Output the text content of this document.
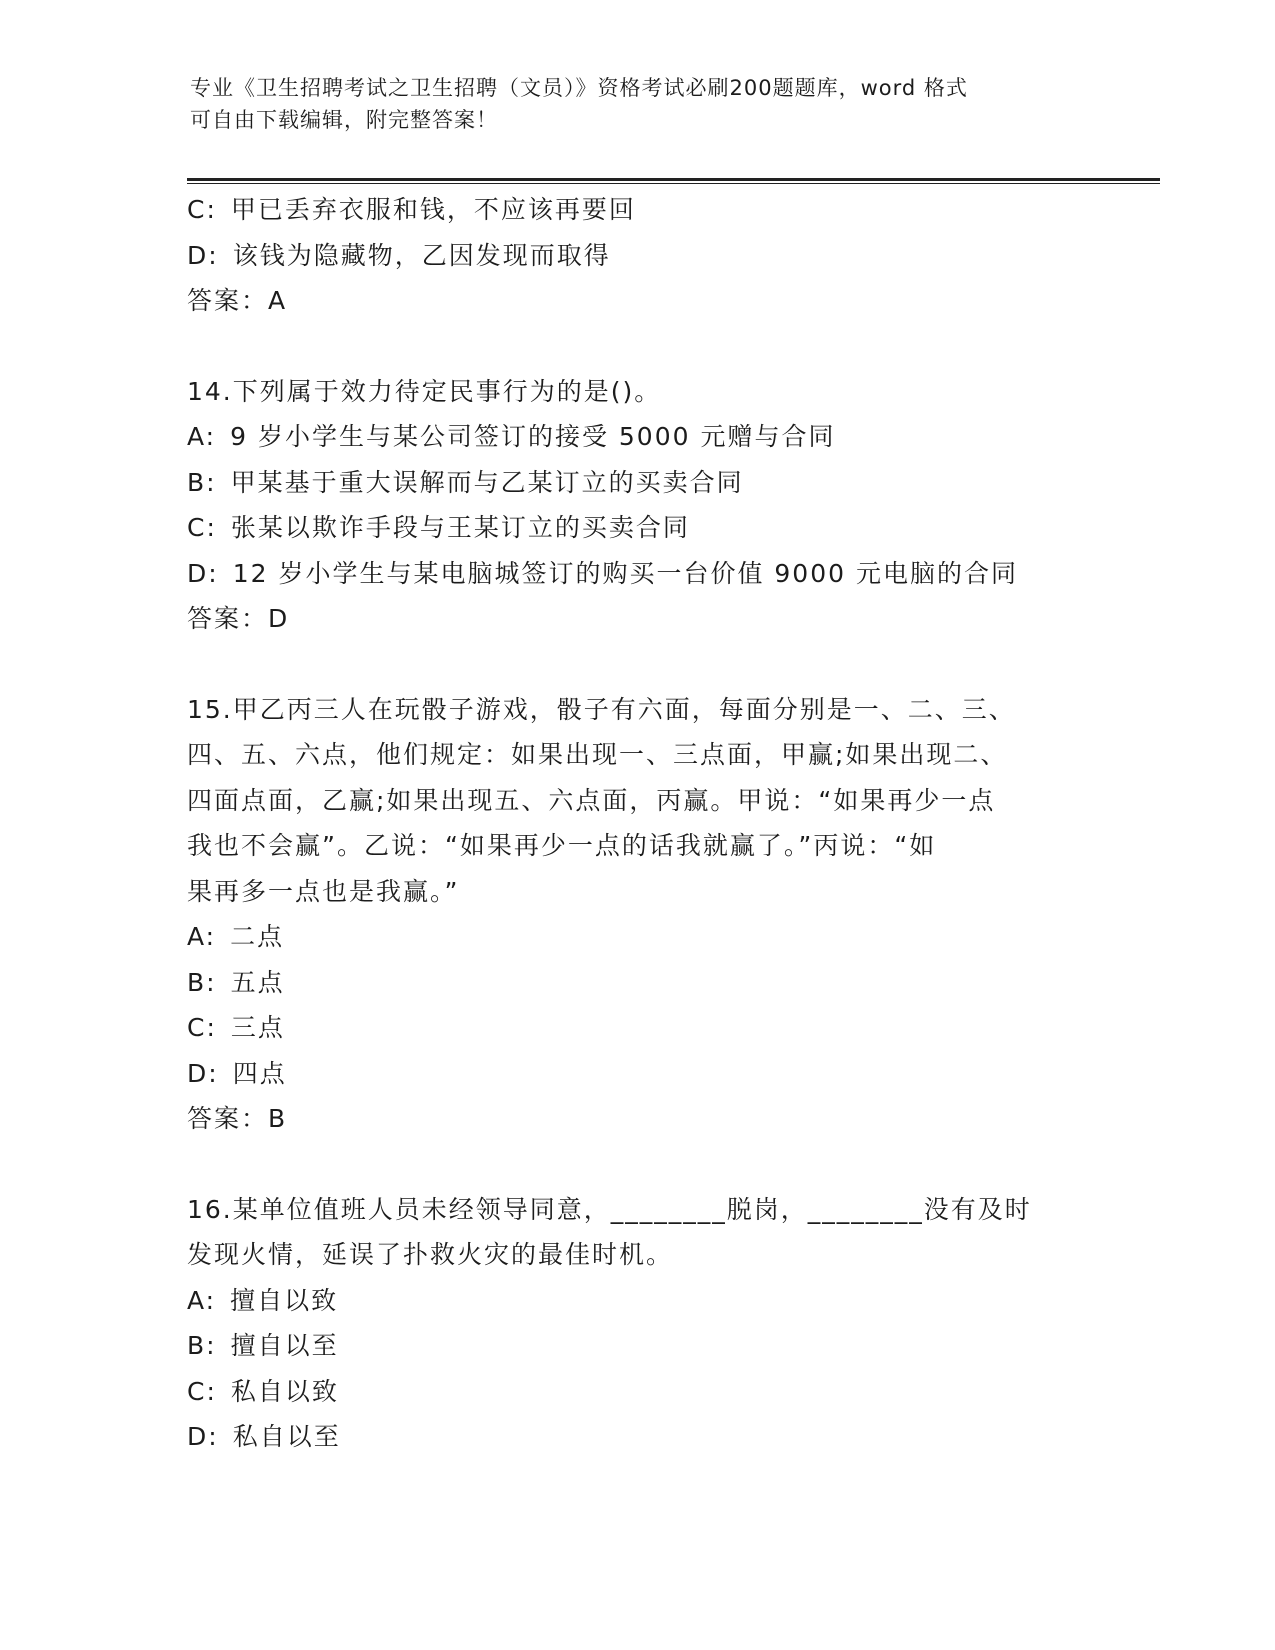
专业《卫生招聘考试之卫生招聘（文员）》资格考试必刷200题题库，word 格式
可自由下载编辑，附完整答案！
C: 甲已丢弃衣服和钱，不应该再要回
D: 该钱为隐藏物，乙因发现而取得
答案：A
14.下列属于效力待定民事行为的是()。
A: 9 岁小学生与某公司签订的接受 5000 元赠与合同
B: 甲某基于重大误解而与乙某订立的买卖合同
C: 张某以欺诈手段与王某订立的买卖合同
D: 12 岁小学生与某电脑城签订的购买一台价值 9000 元电脑的合同
答案：D
15.甲乙丙三人在玩骰子游戏，骰子有六面，每面分别是一、二、三、
四、五、六点，他们规定：如果出现一、三点面，甲赢;如果出现二、
四面点面，乙赢;如果出现五、六点面，丙赢。甲说：“如果再少一点
我也不会赢”。乙说：“如果再少一点的话我就赢了。”丙说：“如
果再多一点也是我赢。”
A: 二点
B: 五点
C: 三点
D: 四点
答案：B
16.某单位值班人员未经领导同意，________脱岗，________没有及时
发现火情，延误了扑救火灾的最佳时机。
A: 擅自以致
B: 擅自以至
C: 私自以致
D: 私自以至
